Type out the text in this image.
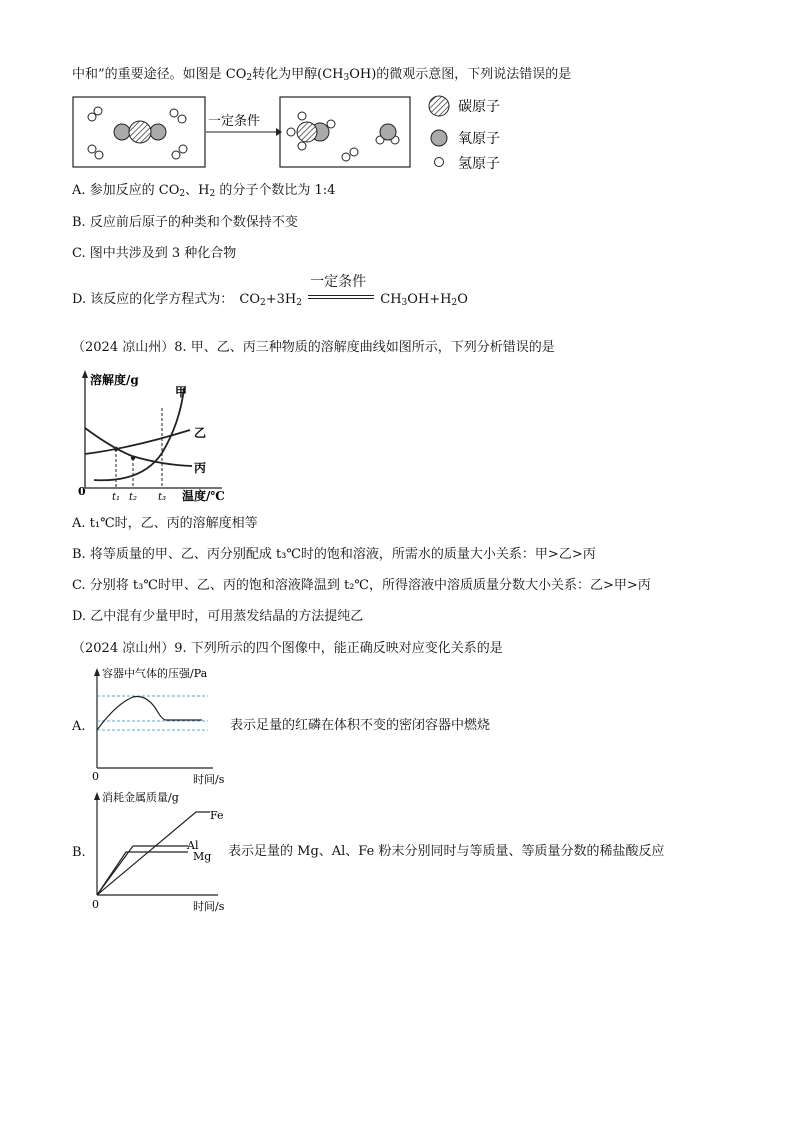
中和”的重要途径。如图是 $CO_2$转化为甲醇$(CH_3OH)$的微观示意图，下列说法错误的是
一定条件
碳原子
氧原子
氢原子
A. 参加反应的 $CO_2$、$H_2$ 的分子个数比为 1:4
B. 反应前后原子的种类和个数保持不变
C. 图中共涉及到 3 种化合物
D. 该反应的化学方程式为： $CO_2+3H_2$
一定条件
$CH_3OH+H_2O$
（2024 凉山州）8. 甲、乙、丙三种物质的溶解度曲线如图所示，下列分析错误的是
溶解度/g
0
甲
乙
丙
t₁ t₂ t₃ 温度/℃
A. t₁℃时，乙、丙的溶解度相等
B. 将等质量的甲、乙、丙分别配成 t₃℃时的饱和溶液，所需水的质量大小关系：甲>乙>丙
C. 分别将 t₃℃时甲、乙、丙的饱和溶液降温到 t₂℃，所得溶液中溶质质量分数大小关系：乙>甲>丙
D. 乙中混有少量甲时，可用蒸发结晶的方法提纯乙
（2024 凉山州）9. 下列所示的四个图像中，能正确反映对应变化关系的是
容器中气体的压强/Pa
0	时间/s
A.	表示足量的红磷在体积不变的密闭容器中燃烧
消耗金属质量/g
Fe
Al
Mg
0	时间/s
B.	表示足量的 Mg、Al、Fe 粉末分别同时与等质量、等质量分数的稀盐酸反应
